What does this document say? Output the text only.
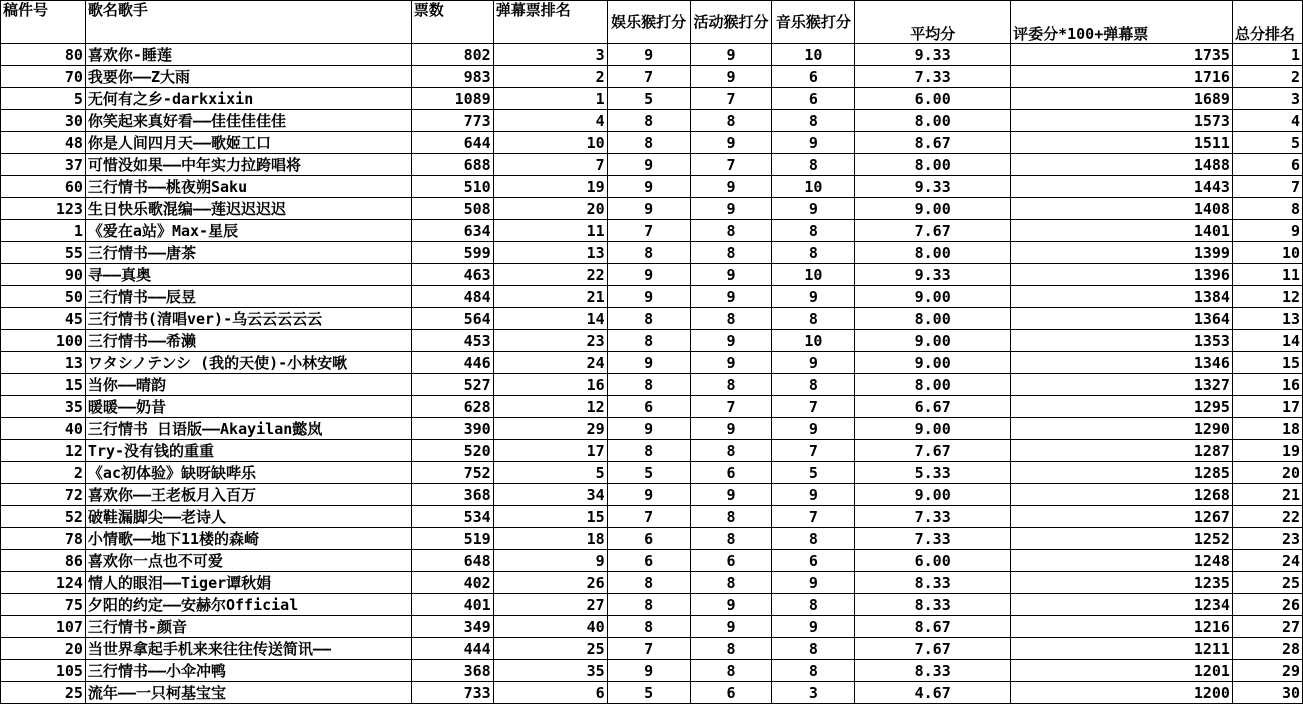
稿件号	歌名歌手	票数	弹幕票排名	娱乐猴打分	活动猴打分	音乐猴打分	平均分	评委分*100+弹幕票	总分排名
80	喜欢你-睡莲	802	3	9	9	10	9.33	1735	1
70	我要你——Z大雨	983	2	7	9	6	7.33	1716	2
5	无何有之乡-darkxixin	1089	1	5	7	6	6.00	1689	3
30	你笑起来真好看——佳佳佳佳佳	773	4	8	8	8	8.00	1573	4
48	你是人间四月天——歌姬工口	644	10	8	9	9	8.67	1511	5
37	可惜没如果——中年实力拉跨唱将	688	7	9	7	8	8.00	1488	6
60	三行情书——桃夜朔Saku	510	19	9	9	10	9.33	1443	7
123	生日快乐歌混编——莲迟迟迟迟	508	20	9	9	9	9.00	1408	8
1	《爱在a站》Max-星辰	634	11	7	8	8	7.67	1401	9
55	三行情书——唐茶	599	13	8	8	8	8.00	1399	10
90	寻——真奥	463	22	9	9	10	9.33	1396	11
50	三行情书——辰昱	484	21	9	9	9	9.00	1384	12
45	三行情书(清唱ver)-乌云云云云云	564	14	8	8	8	8.00	1364	13
100	三行情书——希濑	453	23	8	9	10	9.00	1353	14
13	ワタシノテンシ (我的天使)-小林安啾	446	24	9	9	9	9.00	1346	15
15	当你——晴韵	527	16	8	8	8	8.00	1327	16
35	暖暖——奶昔	628	12	6	7	7	6.67	1295	17
40	三行情书 日语版——Akayilan懿岚	390	29	9	9	9	9.00	1290	18
12	Try-没有钱的重重	520	17	8	8	7	7.67	1287	19
2	《ac初体验》缺呀缺哔乐	752	5	5	6	5	5.33	1285	20
72	喜欢你——王老板月入百万	368	34	9	9	9	9.00	1268	21
52	破鞋漏脚尖——老诗人	534	15	7	8	7	7.33	1267	22
78	小情歌——地下11楼的森崎	519	18	6	8	8	7.33	1252	23
86	喜欢你一点也不可爱	648	9	6	6	6	6.00	1248	24
124	情人的眼泪——Tiger谭秋娟	402	26	8	8	9	8.33	1235	25
75	夕阳的约定——安赫尔Official	401	27	8	9	8	8.33	1234	26
107	三行情书-颜音	349	40	8	9	9	8.67	1216	27
20	当世界拿起手机来来往往传送简讯——	444	25	7	8	8	7.67	1211	28
105	三行情书——小伞冲鸭	368	35	9	8	8	8.33	1201	29
25	流年——一只柯基宝宝	733	6	5	6	3	4.67	1200	30
